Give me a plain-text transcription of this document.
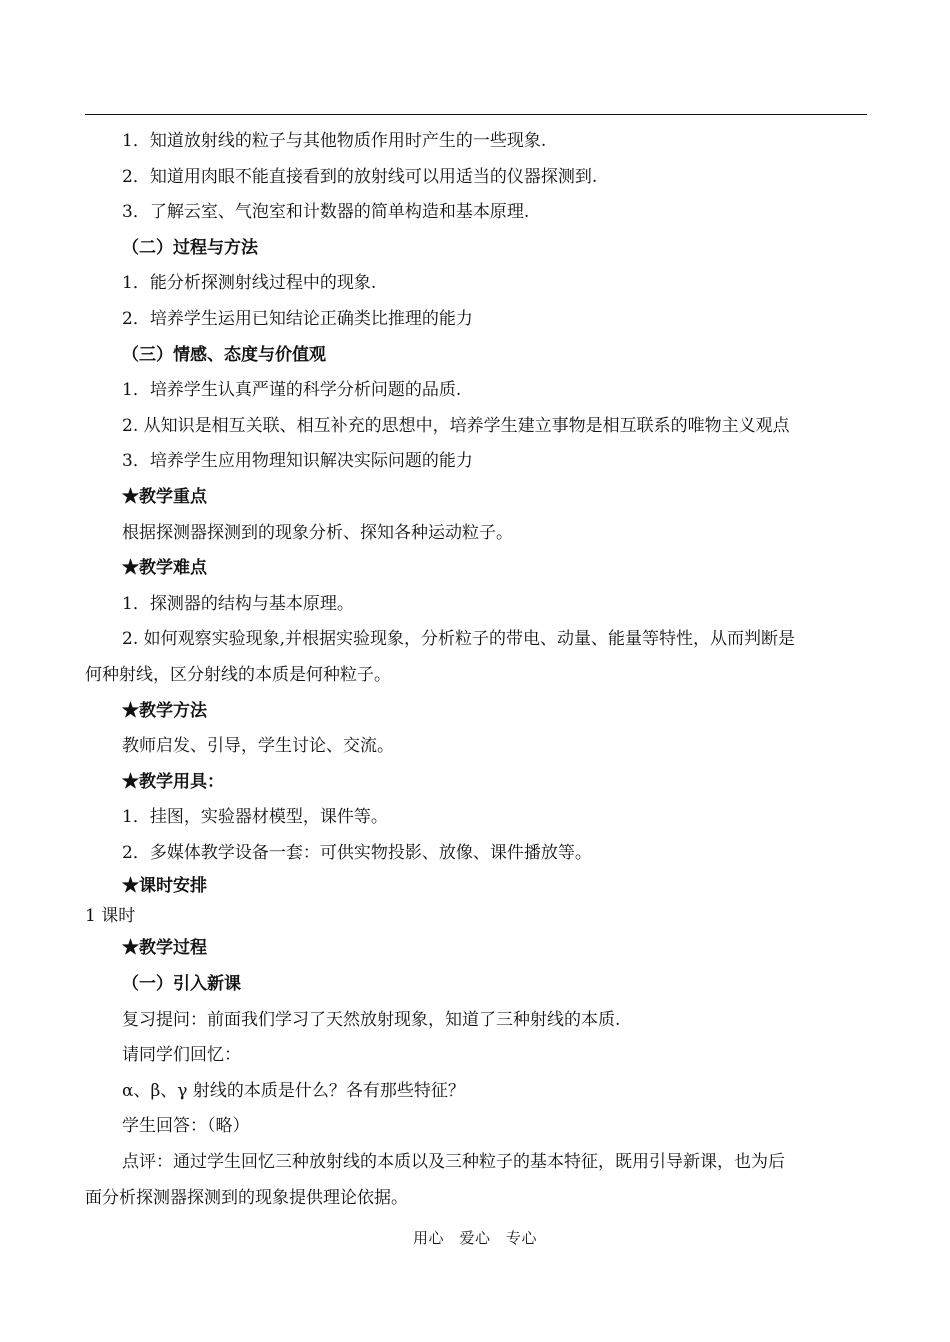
1．知道放射线的粒子与其他物质作用时产生的一些现象.
2．知道用肉眼不能直接看到的放射线可以用适当的仪器探测到.
3．了解云室、气泡室和计数器的简单构造和基本原理.
（二）过程与方法
1．能分析探测射线过程中的现象.
2．培养学生运用已知结论正确类比推理的能力
（三）情感、态度与价值观
1．培养学生认真严谨的科学分析问题的品质.
2. 从知识是相互关联、相互补充的思想中，培养学生建立事物是相互联系的唯物主义观点
3．培养学生应用物理知识解决实际问题的能力
★教学重点
根据探测器探测到的现象分析、探知各种运动粒子。
★教学难点
1．探测器的结构与基本原理。
2. 如何观察实验现象,并根据实验现象，分析粒子的带电、动量、能量等特性，从而判断是
何种射线，区分射线的本质是何种粒子。
★教学方法
教师启发、引导，学生讨论、交流。
★教学用具：
1．挂图，实验器材模型，课件等。
2．多媒体教学设备一套：可供实物投影、放像、课件播放等。
★课时安排
1 课时
★教学过程
（一）引入新课
复习提问：前面我们学习了天然放射现象，知道了三种射线的本质.
请同学们回忆：
α、β、γ 射线的本质是什么？各有那些特征？
学生回答：（略）
点评：通过学生回忆三种放射线的本质以及三种粒子的基本特征，既用引导新课，也为后
面分析探测器探测到的现象提供理论依据。
用心　爱心　专心
